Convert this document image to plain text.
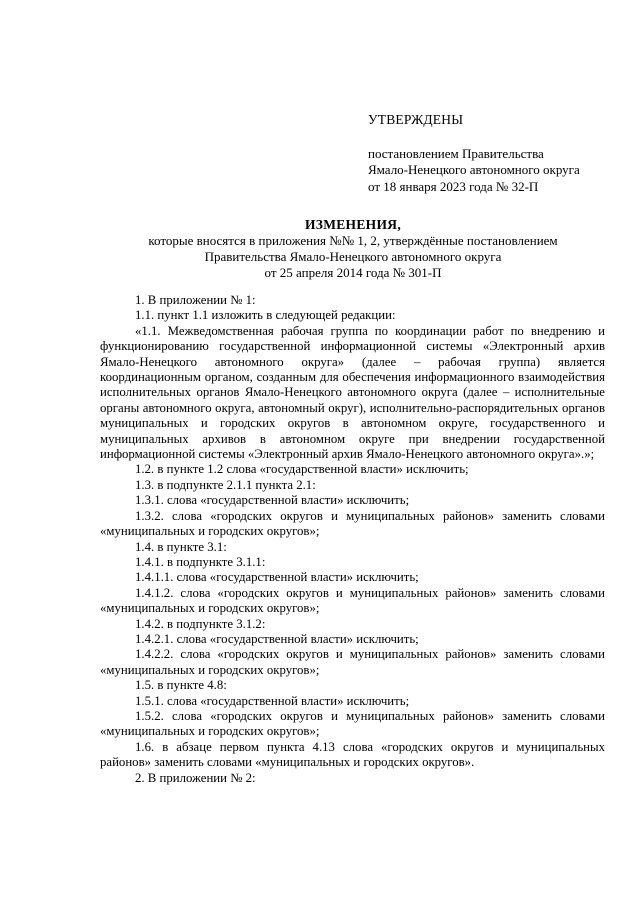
УТВЕРЖДЕНЫ
постановлением Правительства
Ямало-Ненецкого автономного округа
от 18 января 2023 года № 32-П
ИЗМЕНЕНИЯ,
которые вносятся в приложения №№ 1, 2, утверждённые постановлением
Правительства Ямало-Ненецкого автономного округа
от 25 апреля 2014 года № 301-П

1. В приложении № 1:

1.1. пункт 1.1 изложить в следующей редакции:

«1.1. Межведомственная рабочая группа по координации работ по внедрению и функционированию государственной информационной системы «Электронный архив Ямало-Ненецкого автономного округа» (далее – рабочая группа) является координационным органом, созданным для обеспечения информационного взаимодействия исполнительных органов Ямало-Ненецкого автономного округа (далее – исполнительные органы автономного округа, автономный округ), исполнительно-распорядительных органов муниципальных и городских округов в автономном округе, государственного и муниципальных архивов в автономном округе при внедрении государственной информационной системы «Электронный архив Ямало-Ненецкого автономного округа».»;

1.2. в пункте 1.2 слова «государственной власти» исключить;

1.3. в подпункте 2.1.1 пункта 2.1:

1.3.1. слова «государственной власти» исключить;

1.3.2. слова «городских округов и муниципальных районов» заменить словами «муниципальных и городских округов»;

1.4. в пункте 3.1:

1.4.1. в подпункте 3.1.1:

1.4.1.1. слова «государственной власти» исключить;

1.4.1.2. слова «городских округов и муниципальных районов» заменить словами «муниципальных и городских округов»;

1.4.2. в подпункте 3.1.2:

1.4.2.1. слова «государственной власти» исключить;

1.4.2.2. слова «городских округов и муниципальных районов» заменить словами «муниципальных и городских округов»;

1.5. в пункте 4.8:

1.5.1. слова «государственной власти» исключить;

1.5.2. слова «городских округов и муниципальных районов» заменить словами «муниципальных и городских округов»;

1.6. в абзаце первом пункта 4.13 слова «городских округов и муниципальных районов» заменить словами «муниципальных и городских округов».

2. В приложении № 2:
